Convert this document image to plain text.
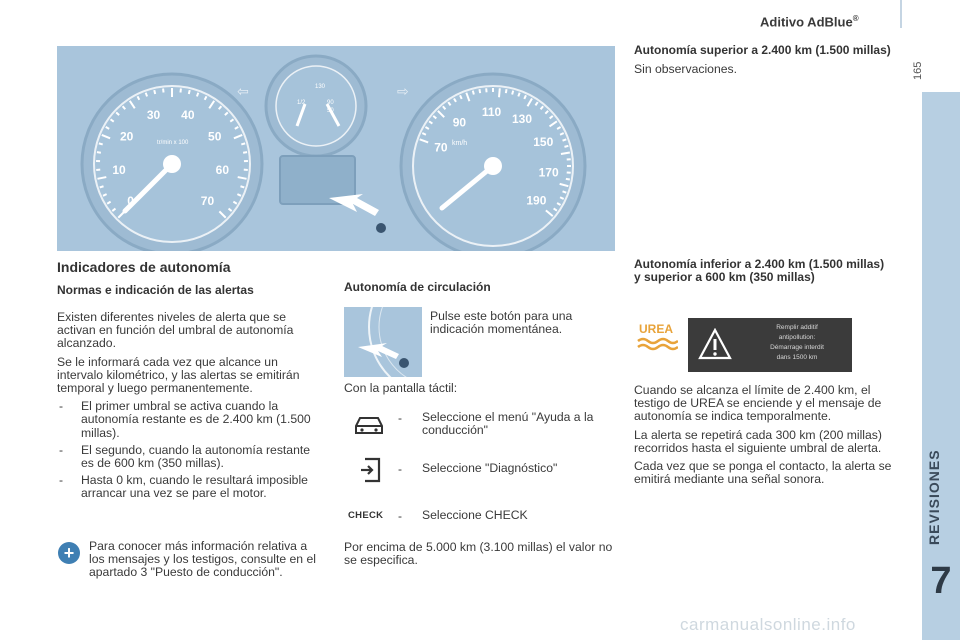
Aditivo AdBlue®
165
REVISIONES
7
tr/min x 100
0
10
20
30 40
50
60
70
1/2	90
50
130
km/h
70
90
110
130
150
170
190
⇦	⇨
Indicadores de autonomía
Normas e indicación de las alertas

Existen diferentes niveles de alerta que se activan en función del umbral de autonomía alcanzado.

Se le informará cada vez que alcance un intervalo kilométrico, y las alertas se emitirán temporal y luego permanentemente.

- El primer umbral se activa cuando la autonomía restante es de 2.400 km (1.500 millas).
- El segundo, cuando la autonomía restante es de 600 km (350 millas).
- Hasta 0 km, cuando le resultará imposible arrancar una vez se pare el motor.
+	Para conocer más información relativa a los mensajes y los testigos, consulte en el apartado 3 "Puesto de conducción".

Autonomía de circulación

Pulse este botón para una indicación momentánea.

Con la pantalla táctil:

- Seleccione el menú "Ayuda a la conducción"

- Seleccione "Diagnóstico"

CHECK - Seleccione CHECK

Por encima de 5.000 km (3.100 millas) el valor no se especifica.

Autonomía superior a 2.400 km (1.500 millas)

Sin observaciones.

Autonomía inferior a 2.400 km (1.500 millas) y superior a 600 km (350 millas)
UREA	Remplir additif
antipollution:
Démarrage interdit
dans 1500 km

Cuando se alcanza el límite de 2.400 km, el testigo de UREA se enciende y el mensaje de autonomía se indica temporalmente.

La alerta se repetirá cada 300 km (200 millas) recorridos hasta el siguiente umbral de alerta.

Cada vez que se ponga el contacto, la alerta se emitirá mediante una señal sonora.

carmanualsonline.info
